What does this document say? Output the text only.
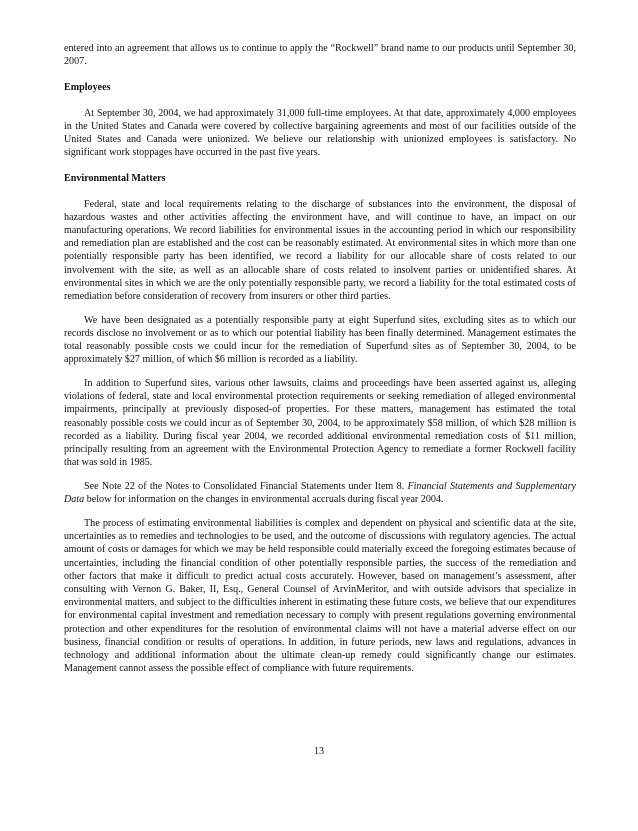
entered into an agreement that allows us to continue to apply the “Rockwell” brand name to our products until September 30, 2007.

Employees

At September 30, 2004, we had approximately 31,000 full-time employees. At that date, approximately 4,000 employees in the United States and Canada were covered by collective bargaining agreements and most of our facilities outside of the United States and Canada were unionized. We believe our relationship with unionized employees is satisfactory. No significant work stoppages have occurred in the past five years.

Environmental Matters

Federal, state and local requirements relating to the discharge of substances into the environment, the disposal of hazardous wastes and other activities affecting the environment have, and will continue to have, an impact on our manufacturing operations. We record liabilities for environmental issues in the accounting period in which our responsibility and remediation plan are established and the cost can be reasonably estimated. At environmental sites in which more than one potentially responsible party has been identified, we record a liability for our allocable share of costs related to our involvement with the site, as well as an allocable share of costs related to insolvent parties or unidentified shares. At environmental sites in which we are the only potentially responsible party, we record a liability for the total estimated costs of remediation before consideration of recovery from insurers or other third parties.

We have been designated as a potentially responsible party at eight Superfund sites, excluding sites as to which our records disclose no involvement or as to which our potential liability has been finally determined. Management estimates the total reasonably possible costs we could incur for the remediation of Superfund sites as of September 30, 2004, to be approximately $27 million, of which $6 million is recorded as a liability.

In addition to Superfund sites, various other lawsuits, claims and proceedings have been asserted against us, alleging violations of federal, state and local environmental protection requirements or seeking remediation of alleged environmental impairments, principally at previously disposed-of properties. For these matters, management has estimated the total reasonably possible costs we could incur as of September 30, 2004, to be approximately $58 million, of which $28 million is recorded as a liability. During fiscal year 2004, we recorded additional environmental remediation costs of $11 million, principally resulting from an agreement with the Environmental Protection Agency to remediate a former Rockwell facility that was sold in 1985.

See Note 22 of the Notes to Consolidated Financial Statements under Item 8. Financial Statements and Supplementary Data below for information on the changes in environmental accruals during fiscal year 2004.

The process of estimating environmental liabilities is complex and dependent on physical and scientific data at the site, uncertainties as to remedies and technologies to be used, and the outcome of discussions with regulatory agencies. The actual amount of costs or damages for which we may be held responsible could materially exceed the foregoing estimates because of uncertainties, including the financial condition of other potentially responsible parties, the success of the remediation and other factors that make it difficult to predict actual costs accurately. However, based on management’s assessment, after consulting with Vernon G. Baker, II, Esq., General Counsel of ArvinMeritor, and with outside advisors that specialize in environmental matters, and subject to the difficulties inherent in estimating these future costs, we believe that our expenditures for environmental capital investment and remediation necessary to comply with present regulations governing environmental protection and other expenditures for the resolution of environmental claims will not have a material adverse effect on our business, financial condition or results of operations. In addition, in future periods, new laws and regulations, advances in technology and additional information about the ultimate clean-up remedy could significantly change our estimates. Management cannot assess the possible effect of compliance with future requirements.

13
